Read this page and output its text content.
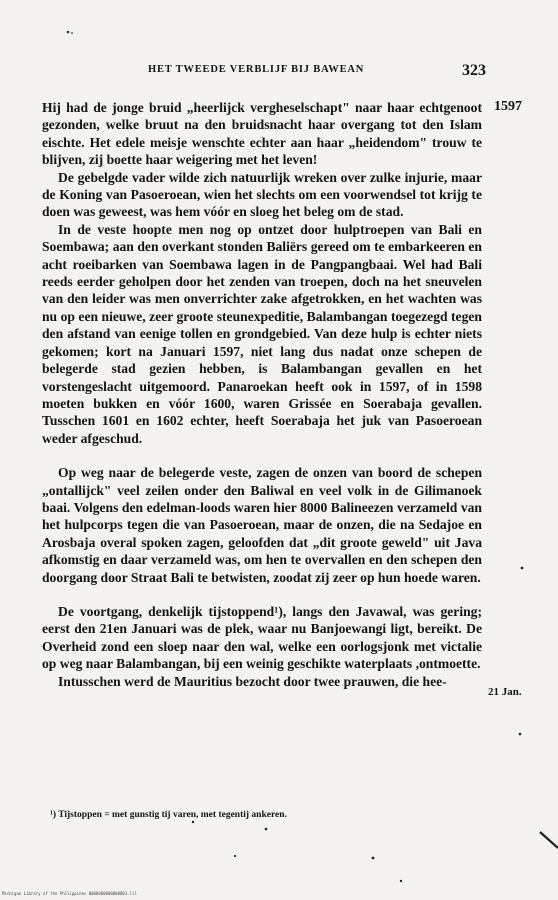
HET TWEEDE VERBLIJF BIJ BAWEAN	323
1597
21 Jan.

Hij had de jonge bruid „heerlijck vergheselschapt" naar haar echtgenoot gezonden, welke bruut na den bruidsnacht haar overgang tot den Islam eischte. Het edele meisje wenschte echter aan haar „heidendom" trouw te blijven, zij boette haar weigering met het leven!

De gebelgde vader wilde zich natuurlijk wreken over zulke injurie, maar de Koning van Pasoeroean, wien het slechts om een voorwendsel tot krijg te doen was geweest, was hem vóór en sloeg het beleg om de stad.

In de veste hoopte men nog op ontzet door hulptroepen van Bali en Soembawa; aan den overkant stonden Baliërs gereed om te embarkeeren en acht roeibarken van Soembawa lagen in de Pangpangbaai. Wel had Bali reeds eerder geholpen door het zenden van troepen, doch na het sneuvelen van den leider was men onverrichter zake afgetrokken, en het wachten was nu op een nieuwe, zeer groote steunexpeditie, Balambangan toegezegd tegen den afstand van eenige tollen en grondgebied. Van deze hulp is echter niets gekomen; kort na Januari 1597, niet lang dus nadat onze schepen de belegerde stad gezien hebben, is Balambangan gevallen en het vorstengeslacht uitgemoord. Panaroekan heeft ook in 1597, of in 1598 moeten bukken en vóór 1600, waren Grissée en Soerabaja gevallen. Tusschen 1601 en 1602 echter, heeft Soerabaja het juk van Pasoeroean weder afgeschud.

Op weg naar de belegerde veste, zagen de onzen van boord de schepen „ontallijck" veel zeilen onder den Baliwal en veel volk in de Gilimanoek baai. Volgens den edelman-loods waren hier 8000 Balineezen verzameld van het hulpcorps tegen die van Pasoeroean, maar de onzen, die na Sedajoe en Arosbaja overal spoken zagen, geloofden dat „dit groote geweld" uit Java afkomstig en daar verzameld was, om hen te overvallen en den schepen den doorgang door Straat Bali te betwisten, zoodat zij zeer op hun hoede waren.

De voortgang, denkelijk tijstoppend¹), langs den Javawal, was gering; eerst den 21en Januari was de plek, waar nu Banjoewangi ligt, bereikt. De Overheid zond een sloep naar den wal, welke een oorlogsjonk met victalie op weg naar Balambangan, bij een weinig geschikte waterplaats ,ontmoette.

Intusschen werd de Mauritius bezocht door twee prauwen, die hee-

¹) Tijstoppen = met gunstig tij varen, met tegentij ankeren.
Michigan Library of the Philippines 0000000000000001.lil
